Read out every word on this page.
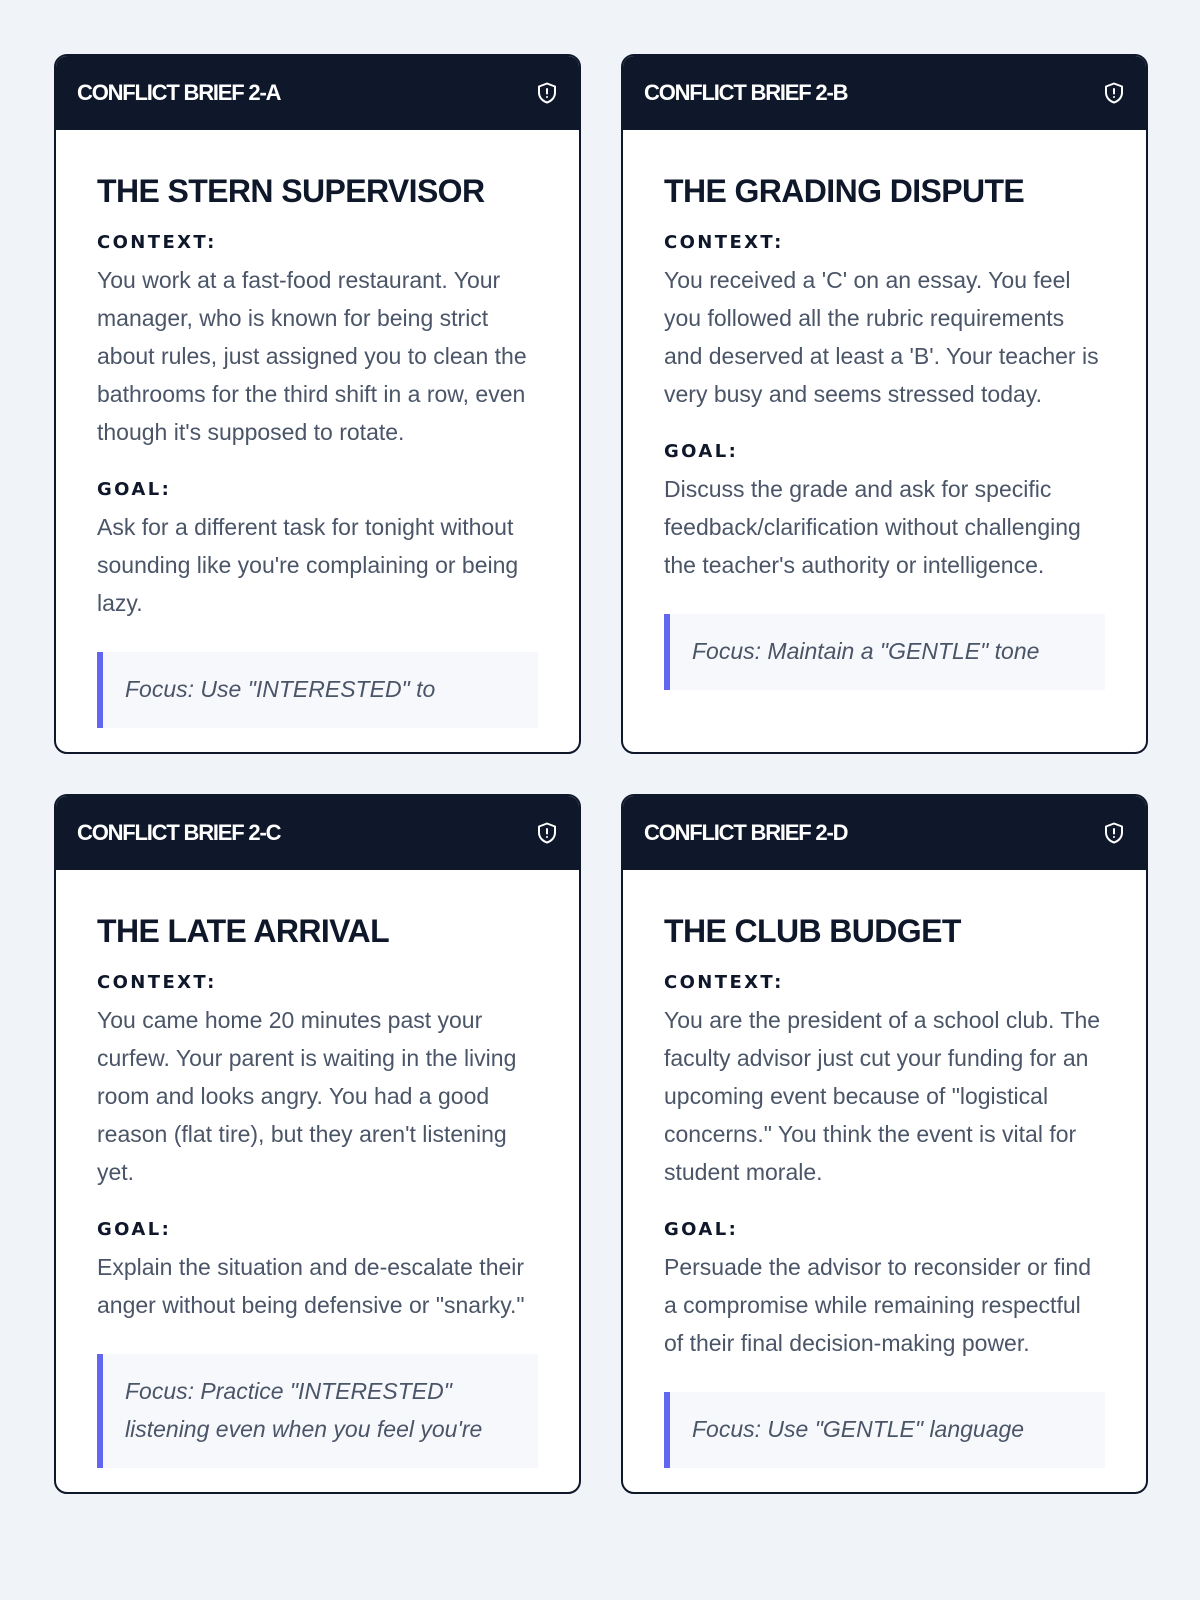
CONFLICT BRIEF 2-A
THE STERN SUPERVISOR
CONTEXT:

You work at a fast-food restaurant. Your manager, who is known for being strict about rules, just assigned you to clean the bathrooms for the third shift in a row, even though it's supposed to rotate.

GOAL:

Ask for a different task for tonight without sounding like you're complaining or being lazy.

Focus: Use "INTERESTED" to
CONFLICT BRIEF 2-B
THE GRADING DISPUTE
CONTEXT:

You received a 'C' on an essay. You feel you followed all the rubric requirements and deserved at least a 'B'. Your teacher is very busy and seems stressed today.

GOAL:

Discuss the grade and ask for specific feedback/clarification without challenging the teacher's authority or intelligence.

Focus: Maintain a "GENTLE" tone
CONFLICT BRIEF 2-C
THE LATE ARRIVAL
CONTEXT:

You came home 20 minutes past your curfew. Your parent is waiting in the living room and looks angry. You had a good reason (flat tire), but they aren't listening yet.

GOAL:

Explain the situation and de-escalate their anger without being defensive or "snarky."

Focus: Practice "INTERESTED" listening even when you feel you're
CONFLICT BRIEF 2-D
THE CLUB BUDGET
CONTEXT:

You are the president of a school club. The faculty advisor just cut your funding for an upcoming event because of "logistical concerns." You think the event is vital for student morale.

GOAL:

Persuade the advisor to reconsider or find a compromise while remaining respectful of their final decision-making power.

Focus: Use "GENTLE" language
